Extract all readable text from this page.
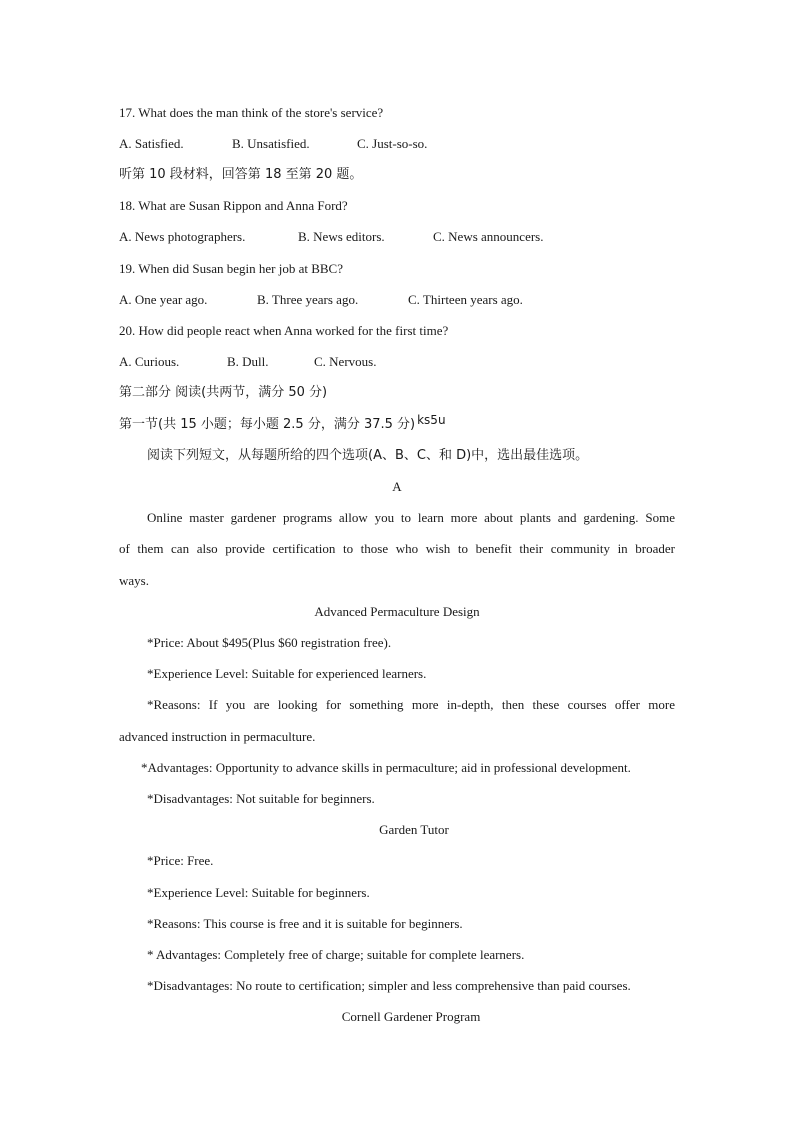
17. What does the man think of the store's service?
A. Satisfied.	B. Unsatisfied.	C. Just-so-so.
听第 10 段材料，回答第 18 至第 20 题。
18. What are Susan Rippon and Anna Ford?
A. News photographers.	B. News editors.	C. News announcers.
19. When did Susan begin her job at BBC?
A. One year ago.	B. Three years ago.	C. Thirteen years ago.
20. How did people react when Anna worked for the first time?
A. Curious.	B. Dull.	C. Nervous.
第二部分 阅读(共两节，满分 50 分)
第一节(共 15 小题；每小题 2.5 分，满分 37.5 分) ks5u
阅读下列短文，从每题所给的四个选项(A、B、C、和 D)中，选出最佳选项。
A
Online master gardener programs allow you to learn more about plants and gardening. Some
of them can also provide certification to those who wish to benefit their community in broader
ways.
Advanced Permaculture Design
*Price: About $495(Plus $60 registration free).
*Experience Level: Suitable for experienced learners.
*Reasons: If you are looking for something more in-depth, then these courses offer more
advanced instruction in permaculture.
*Advantages: Opportunity to advance skills in permaculture; aid in professional development.
*Disadvantages: Not suitable for beginners.
Garden Tutor
*Price: Free.
*Experience Level: Suitable for beginners.
*Reasons: This course is free and it is suitable for beginners.
* Advantages: Completely free of charge; suitable for complete learners.
*Disadvantages: No route to certification; simpler and less comprehensive than paid courses.
Cornell Gardener Program
